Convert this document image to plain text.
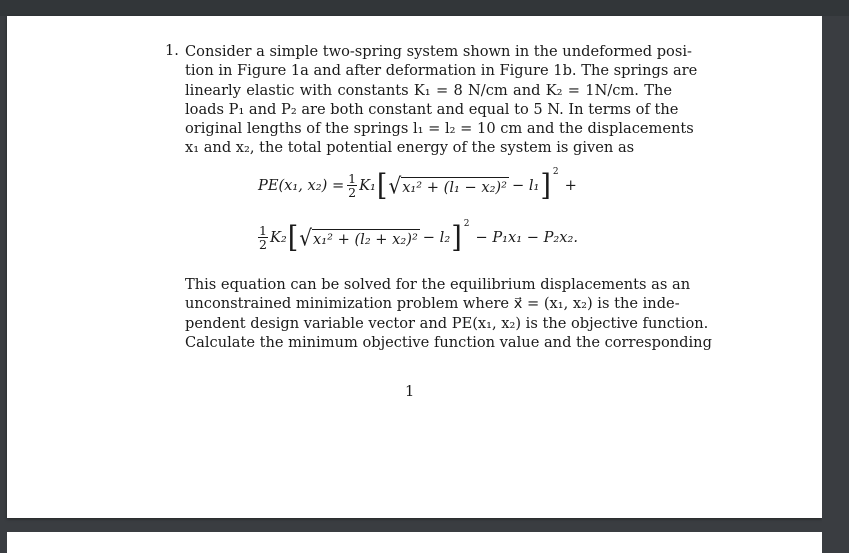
1. Consider a simple two-spring system shown in the undeformed posi-
tion in Figure 1a and after deformation in Figure 1b. The springs are
linearly elastic with constants K₁ = 8 N/cm and K₂ = 1N/cm. The
loads P₁ and P₂ are both constant and equal to 5 N. In terms of the
original lengths of the springs l₁ = l₂ = 10 cm and the displacements
x₁ and x₂, the total potential energy of the system is given as
PE(x₁, $x_2) = \frac{1}{2} K_1$ [ √ x₁² + (l₁ − x₂)² − l₁ ] 2
+
$\frac{1}{2} K_2$ [ √ x₁² + (l₂ + x₂)² − l₂ ] 2
− P₁x₁ − P₂x₂.
This equation can be solved for the equilibrium displacements as an
unconstrained minimization problem where x⃗ = (x₁, x₂) is the inde-
pendent design variable vector and PE(x₁, x₂) is the objective function.
Calculate the minimum objective function value and the corresponding
1
